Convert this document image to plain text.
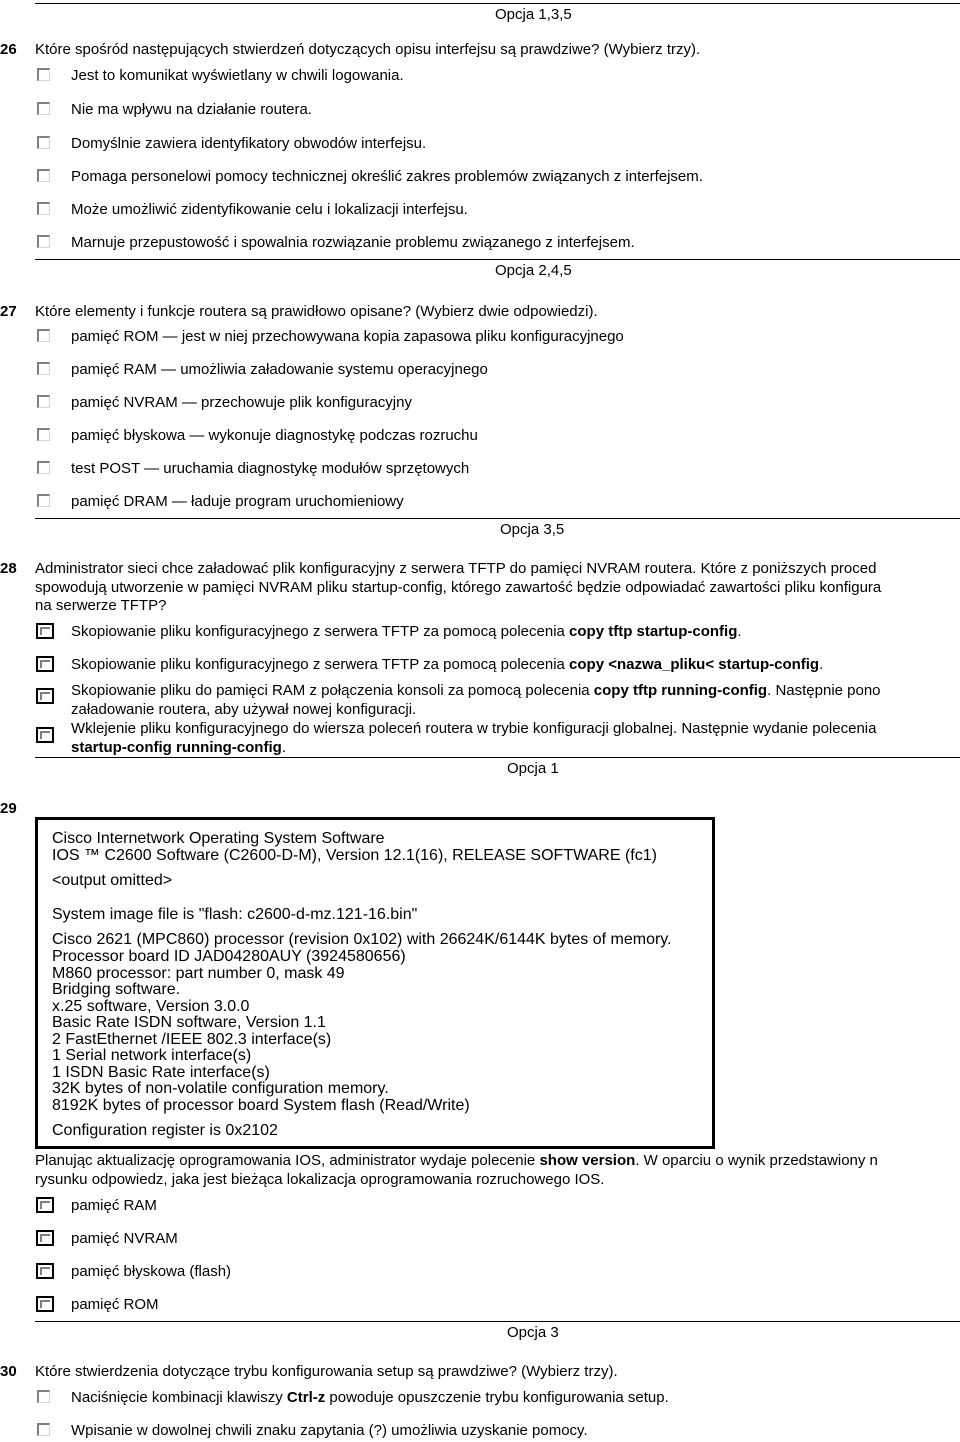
Opcja 1,3,5
26 Które spośród następujących stwierdzeń dotyczących opisu interfejsu są prawdziwe? (Wybierz trzy).
Jest to komunikat wyświetlany w chwili logowania.
Nie ma wpływu na działanie routera.
Domyślnie zawiera identyfikatory obwodów interfejsu.
Pomaga personelowi pomocy technicznej określić zakres problemów związanych z interfejsem.
Może umożliwić zidentyfikowanie celu i lokalizacji interfejsu.
Marnuje przepustowość i spowalnia rozwiązanie problemu związanego z interfejsem.
Opcja 2,4,5
27 Które elementy i funkcje routera są prawidłowo opisane? (Wybierz dwie odpowiedzi).
pamięć ROM — jest w niej przechowywana kopia zapasowa pliku konfiguracyjnego
pamięć RAM — umożliwia załadowanie systemu operacyjnego
pamięć NVRAM — przechowuje plik konfiguracyjny
pamięć błyskowa — wykonuje diagnostykę podczas rozruchu
test POST — uruchamia diagnostykę modułów sprzętowych
pamięć DRAM — ładuje program uruchomieniowy
Opcja 3,5
28 Administrator sieci chce załadować plik konfiguracyjny z serwera TFTP do pamięci NVRAM routera. Które z poniższych proced
spowodują utworzenie w pamięci NVRAM pliku startup-config, którego zawartość będzie odpowiadać zawartości pliku konfigura
na serwerze TFTP?
Skopiowanie pliku konfiguracyjnego z serwera TFTP za pomocą polecenia copy tftp startup-config.
Skopiowanie pliku konfiguracyjnego z serwera TFTP za pomocą polecenia copy <nazwa_pliku< startup-config.
Skopiowanie pliku do pamięci RAM z połączenia konsoli za pomocą polecenia copy tftp running-config. Następnie pono
załadowanie routera, aby używał nowej konfiguracji.
Wklejenie pliku konfiguracyjnego do wiersza poleceń routera w trybie konfiguracji globalnej. Następnie wydanie polecenia
startup-config running-config.
Opcja 1
29
Cisco Internetwork Operating System Software
IOS ™ C2600 Software (C2600-D-M), Version 12.1(16), RELEASE SOFTWARE (fc1)
<output omitted>
System image file is "flash: c2600-d-mz.121-16.bin"
Cisco 2621 (MPC860) processor (revision 0x102) with 26624K/6144K bytes of memory.
Processor board ID JAD04280AUY (3924580656)
M860 processor: part number 0, mask 49
Bridging software.
x.25 software, Version 3.0.0
Basic Rate ISDN software, Version 1.1
2 FastEthernet /IEEE 802.3 interface(s)
1 Serial network interface(s)
1 ISDN Basic Rate interface(s)
32K bytes of non-volatile configuration memory.
8192K bytes of processor board System flash (Read/Write)
Configuration register is 0x2102
Planując aktualizację oprogramowania IOS, administrator wydaje polecenie show version. W oparciu o wynik przedstawiony n
rysunku odpowiedz, jaka jest bieżąca lokalizacja oprogramowania rozruchowego IOS.
pamięć RAM
pamięć NVRAM
pamięć błyskowa (flash)
pamięć ROM
Opcja 3
30 Które stwierdzenia dotyczące trybu konfigurowania setup są prawdziwe? (Wybierz trzy).
Naciśnięcie kombinacji klawiszy Ctrl-z powoduje opuszczenie trybu konfigurowania setup.
Wpisanie w dowolnej chwili znaku zapytania (?) umożliwia uzyskanie pomocy.
